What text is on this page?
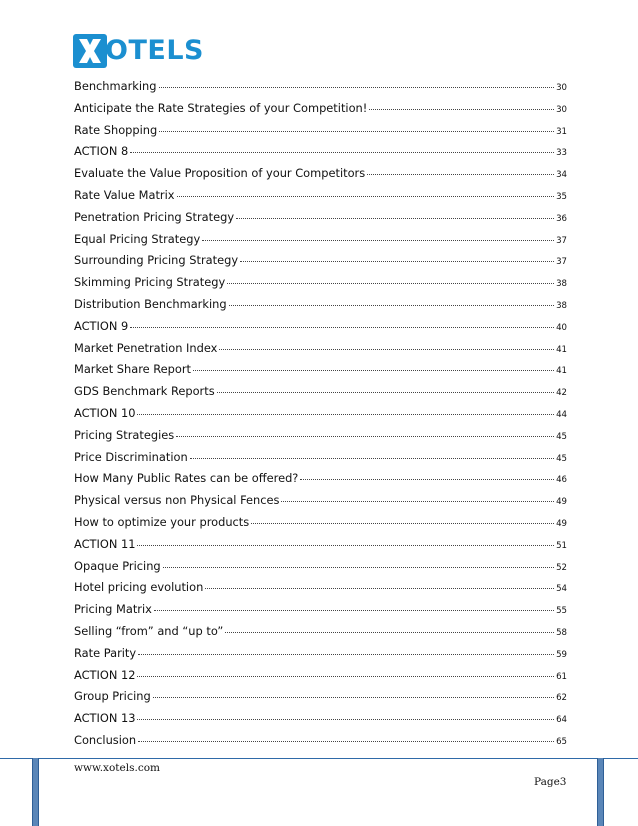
OTELS
Benchmarking	30
Anticipate the Rate Strategies of your Competition!	30
Rate Shopping	31
ACTION 8	33
Evaluate the Value Proposition of your Competitors	34
Rate Value Matrix	35
Penetration Pricing Strategy	36
Equal Pricing Strategy	37
Surrounding Pricing Strategy	37
Skimming Pricing Strategy	38
Distribution Benchmarking	38
ACTION 9	40
Market Penetration Index	41
Market Share Report	41
GDS Benchmark Reports	42
ACTION 10	44
Pricing Strategies	45
Price Discrimination	45
How Many Public Rates can be offered?	46
Physical versus non Physical Fences	49
How to optimize your products	49
ACTION 11	51
Opaque Pricing	52
Hotel pricing evolution	54
Pricing Matrix	55
Selling “from” and “up to”	58
Rate Parity	59
ACTION 12	61
Group Pricing	62
ACTION 13	64
Conclusion	65
www.xotels.com
Page3
